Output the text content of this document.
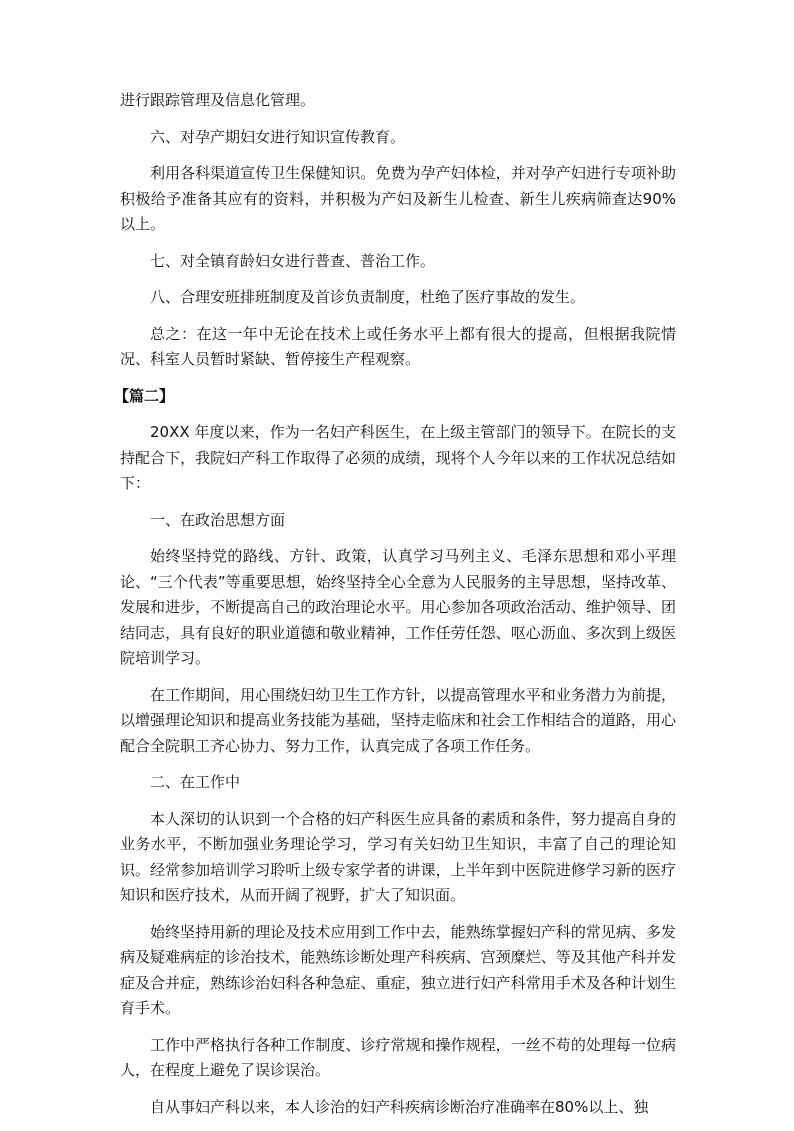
进行跟踪管理及信息化管理。

六、对孕产期妇女进行知识宣传教育。

利用各科渠道宣传卫生保健知识。免费为孕产妇体检，并对孕产妇进行专项补助积极给予准备其应有的资料，并积极为产妇及新生儿检查、新生儿疾病筛查达90%以上。

七、对全镇育龄妇女进行普查、普治工作。

八、合理安班排班制度及首诊负责制度，杜绝了医疗事故的发生。

总之：在这一年中无论在技术上或任务水平上都有很大的提高，但根据我院情况、科室人员暂时紧缺、暂停接生产程观察。

【篇二】

20XX 年度以来，作为一名妇产科医生，在上级主管部门的领导下。在院长的支持配合下，我院妇产科工作取得了必须的成绩，现将个人今年以来的工作状况总结如下：

一、在政治思想方面

始终坚持党的路线、方针、政策，认真学习马列主义、毛泽东思想和邓小平理论、“三个代表”等重要思想，始终坚持全心全意为人民服务的主导思想，坚持改革、发展和进步，不断提高自己的政治理论水平。用心参加各项政治活动、维护领导、团结同志，具有良好的职业道德和敬业精神，工作任劳任怨、呕心沥血、多次到上级医院培训学习。

在工作期间，用心围绕妇幼卫生工作方针，以提高管理水平和业务潜力为前提，以增强理论知识和提高业务技能为基础，坚持走临床和社会工作相结合的道路，用心配合全院职工齐心协力、努力工作，认真完成了各项工作任务。

二、在工作中

本人深切的认识到一个合格的妇产科医生应具备的素质和条件，努力提高自身的业务水平，不断加强业务理论学习，学习有关妇幼卫生知识，丰富了自己的理论知识。经常参加培训学习聆听上级专家学者的讲课，上半年到中医院进修学习新的医疗知识和医疗技术，从而开阔了视野，扩大了知识面。

始终坚持用新的理论及技术应用到工作中去，能熟练掌握妇产科的常见病、多发病及疑难病症的诊治技术，能熟练诊断处理产科疾病、宫颈糜烂、等及其他产科并发症及合并症，熟练诊治妇科各种急症、重症，独立进行妇产科常用手术及各种计划生育手术。

工作中严格执行各种工作制度、诊疗常规和操作规程，一丝不苟的处理每一位病人，在程度上避免了误诊误治。

自从事妇产科以来，本人诊治的妇产科疾病诊断治疗准确率在80%以上、独
